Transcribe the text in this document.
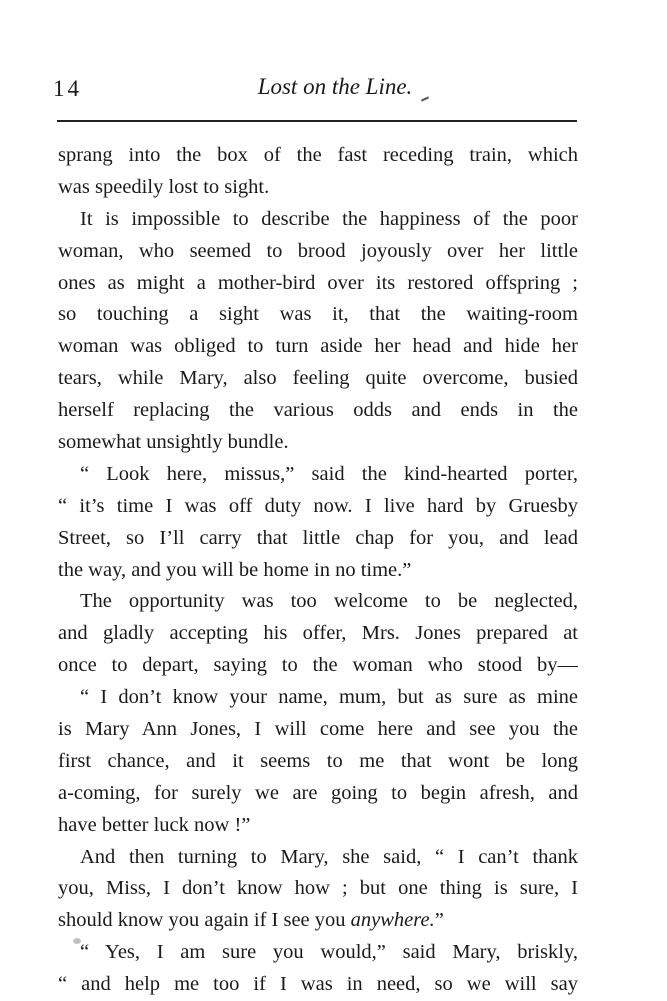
14	Lost on the Line.
sprang into the box of the fast receding train, which
was speedily lost to sight.
It is impossible to describe the happiness of the poor
woman, who seemed to brood joyously over her little
ones as might a mother-bird over its restored offspring ;
so touching a sight was it, that the waiting-room
woman was obliged to turn aside her head and hide her
tears, while Mary, also feeling quite overcome, busied
herself replacing the various odds and ends in the
somewhat unsightly bundle.
“ Look here, missus,” said the kind-hearted porter,
“ it’s time I was off duty now. I live hard by Gruesby
Street, so I’ll carry that little chap for you, and lead
the way, and you will be home in no time.”
The opportunity was too welcome to be neglected,
and gladly accepting his offer, Mrs. Jones prepared at
once to depart, saying to the woman who stood by—
“ I don’t know your name, mum, but as sure as mine
is Mary Ann Jones, I will come here and see you the
first chance, and it seems to me that wont be long
a-coming, for surely we are going to begin afresh, and
have better luck now !”
And then turning to Mary, she said, “ I can’t thank
you, Miss, I don’t know how ; but one thing is sure, I
should know you again if I see you anywhere.”
“ Yes, I am sure you would,” said Mary, briskly,
“ and help me too if I was in need, so we will say
